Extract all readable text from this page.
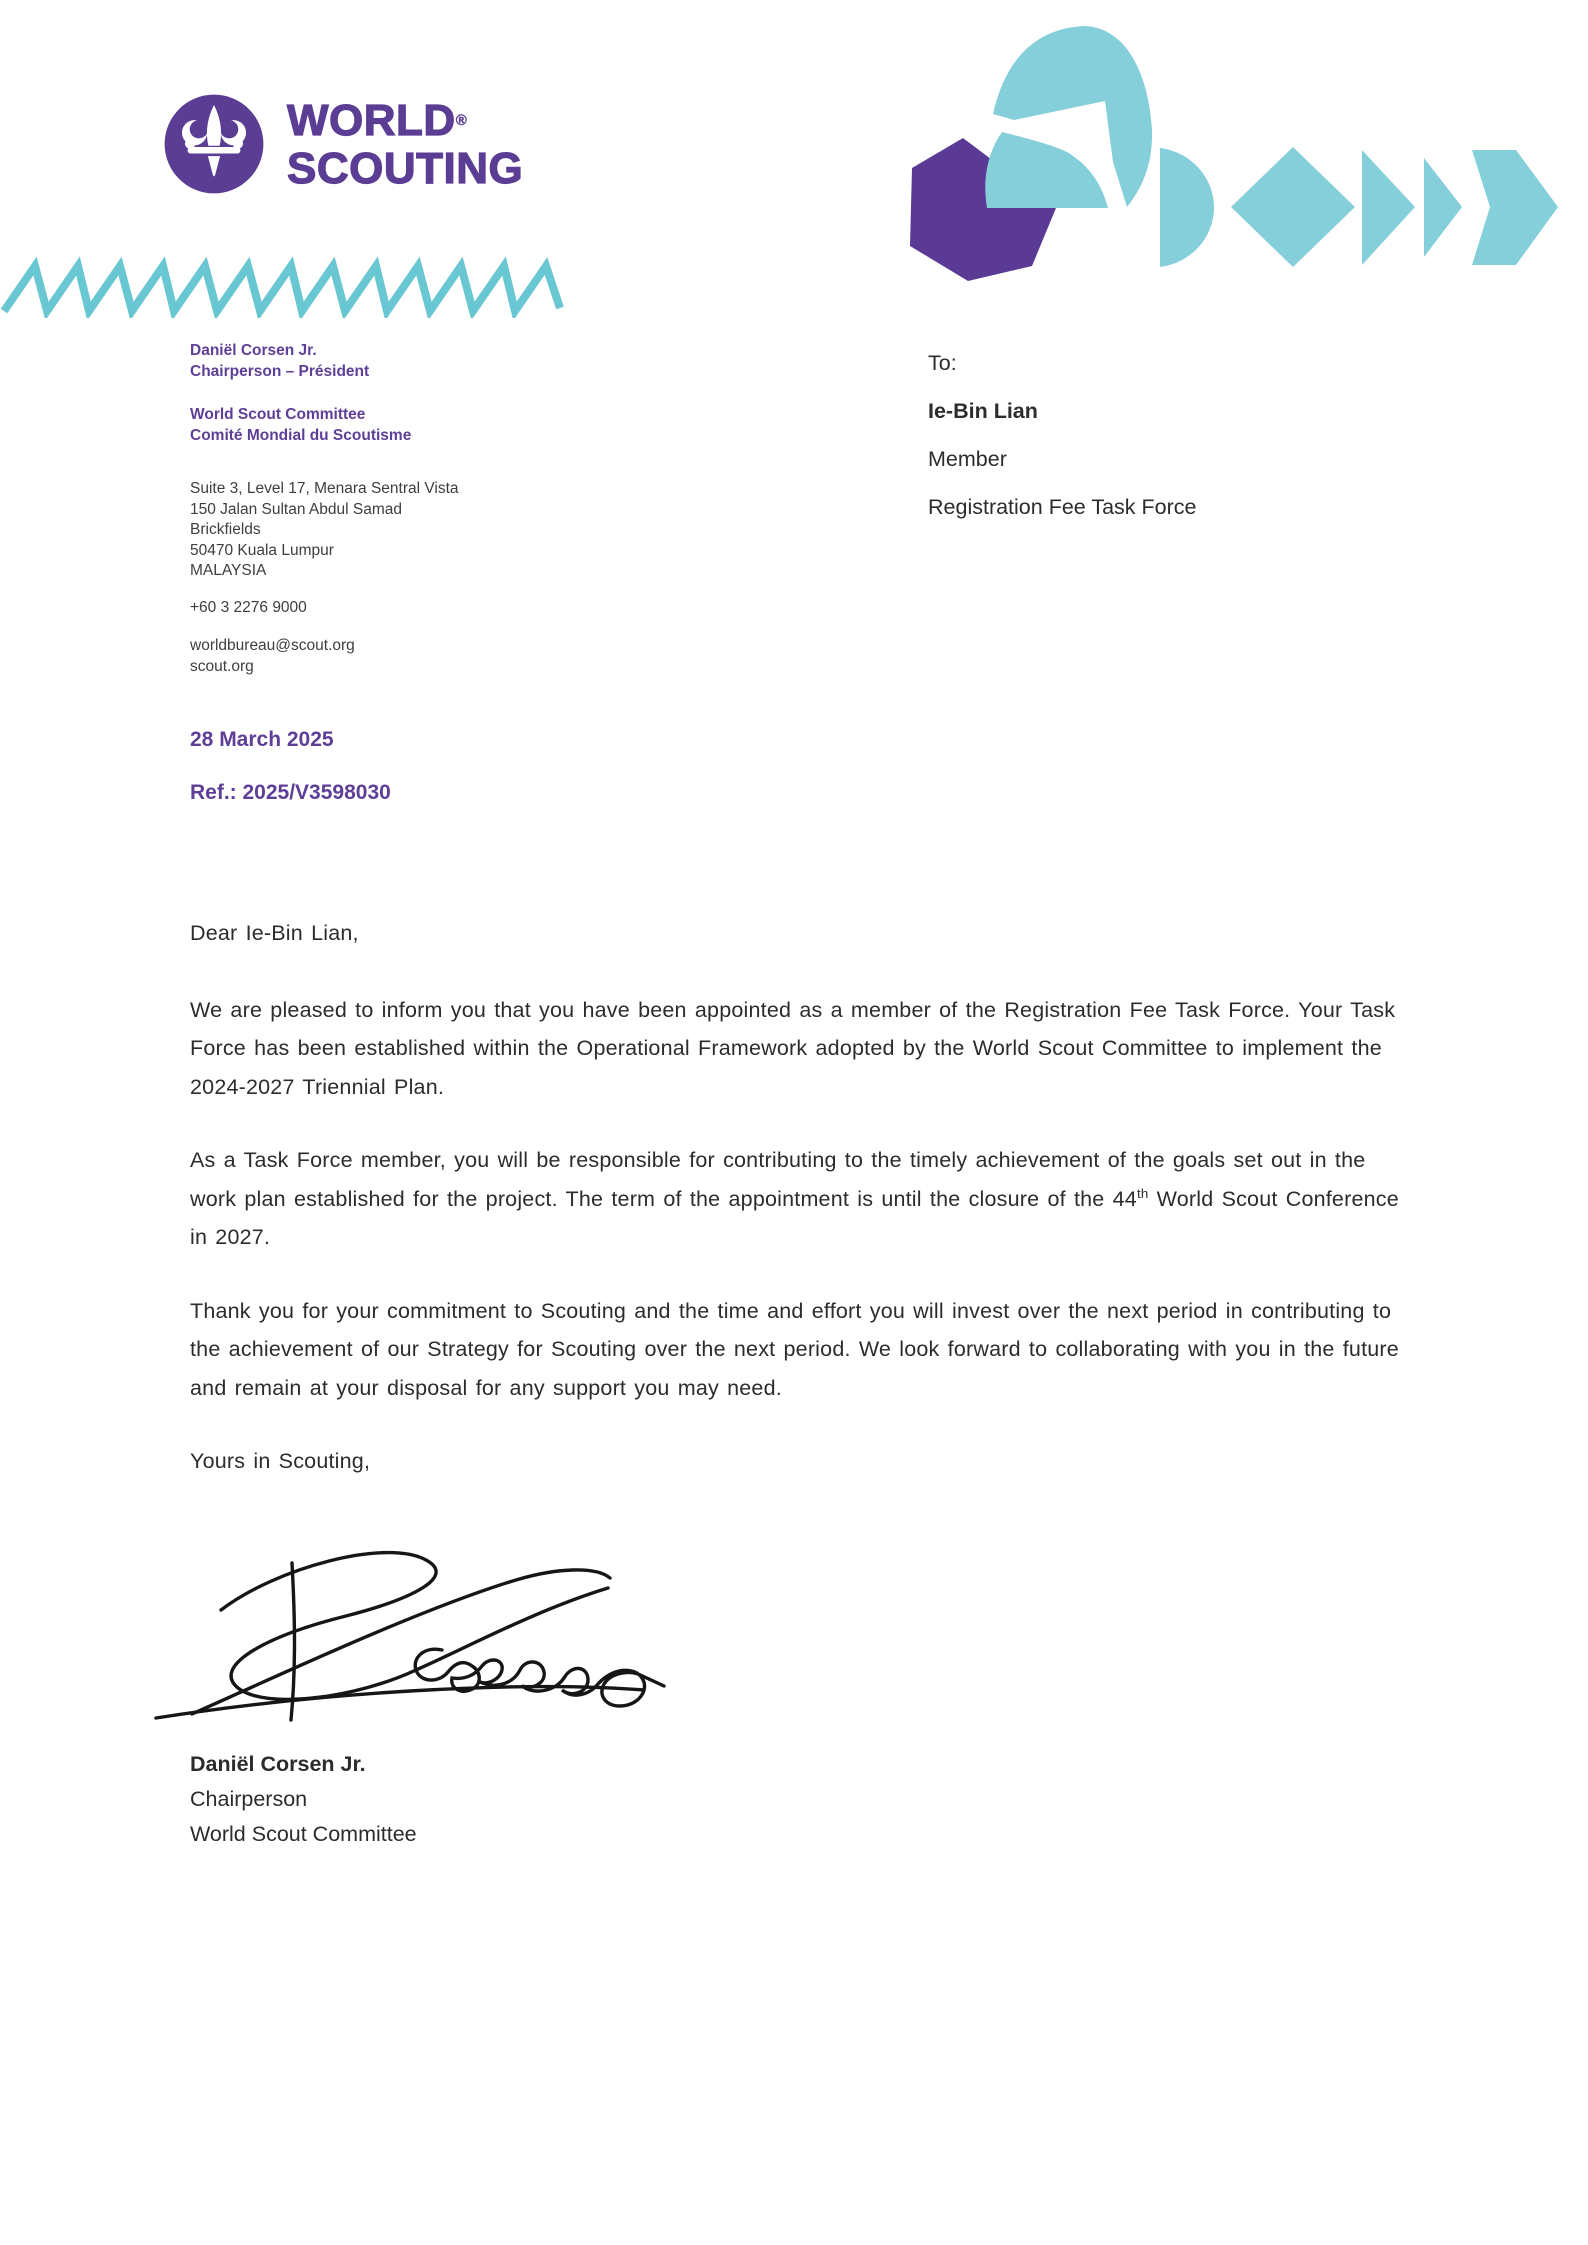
WORLD®
SCOUTING
Daniël Corsen Jr.
Chairperson – Président
World Scout Committee
Comité Mondial du Scoutisme
Suite 3, Level 17, Menara Sentral Vista
150 Jalan Sultan Abdul Samad
Brickfields
50470 Kuala Lumpur
MALAYSIA
+60 3 2276 9000
worldbureau@scout.org
scout.org

To:

Ie-Bin Lian

Member

Registration Fee Task Force

28 March 2025
Ref.: 2025/V3598030

Dear Ie-Bin Lian,

We are pleased to inform you that you have been appointed as a member of the Registration Fee Task Force. Your Task Force has been established within the Operational Framework adopted by the World Scout Committee to implement the 2024-2027 Triennial Plan.

As a Task Force member, you will be responsible for contributing to the timely achievement of the goals set out in the work plan established for the project. The term of the appointment is until the closure of the 44th World Scout Conference in 2027.

Thank you for your commitment to Scouting and the time and effort you will invest over the next period in contributing to the achievement of our Strategy for Scouting over the next period. We look forward to collaborating with you in the future and remain at your disposal for any support you may need.

Yours in Scouting,

Daniël Corsen Jr.
Chairperson
World Scout Committee
